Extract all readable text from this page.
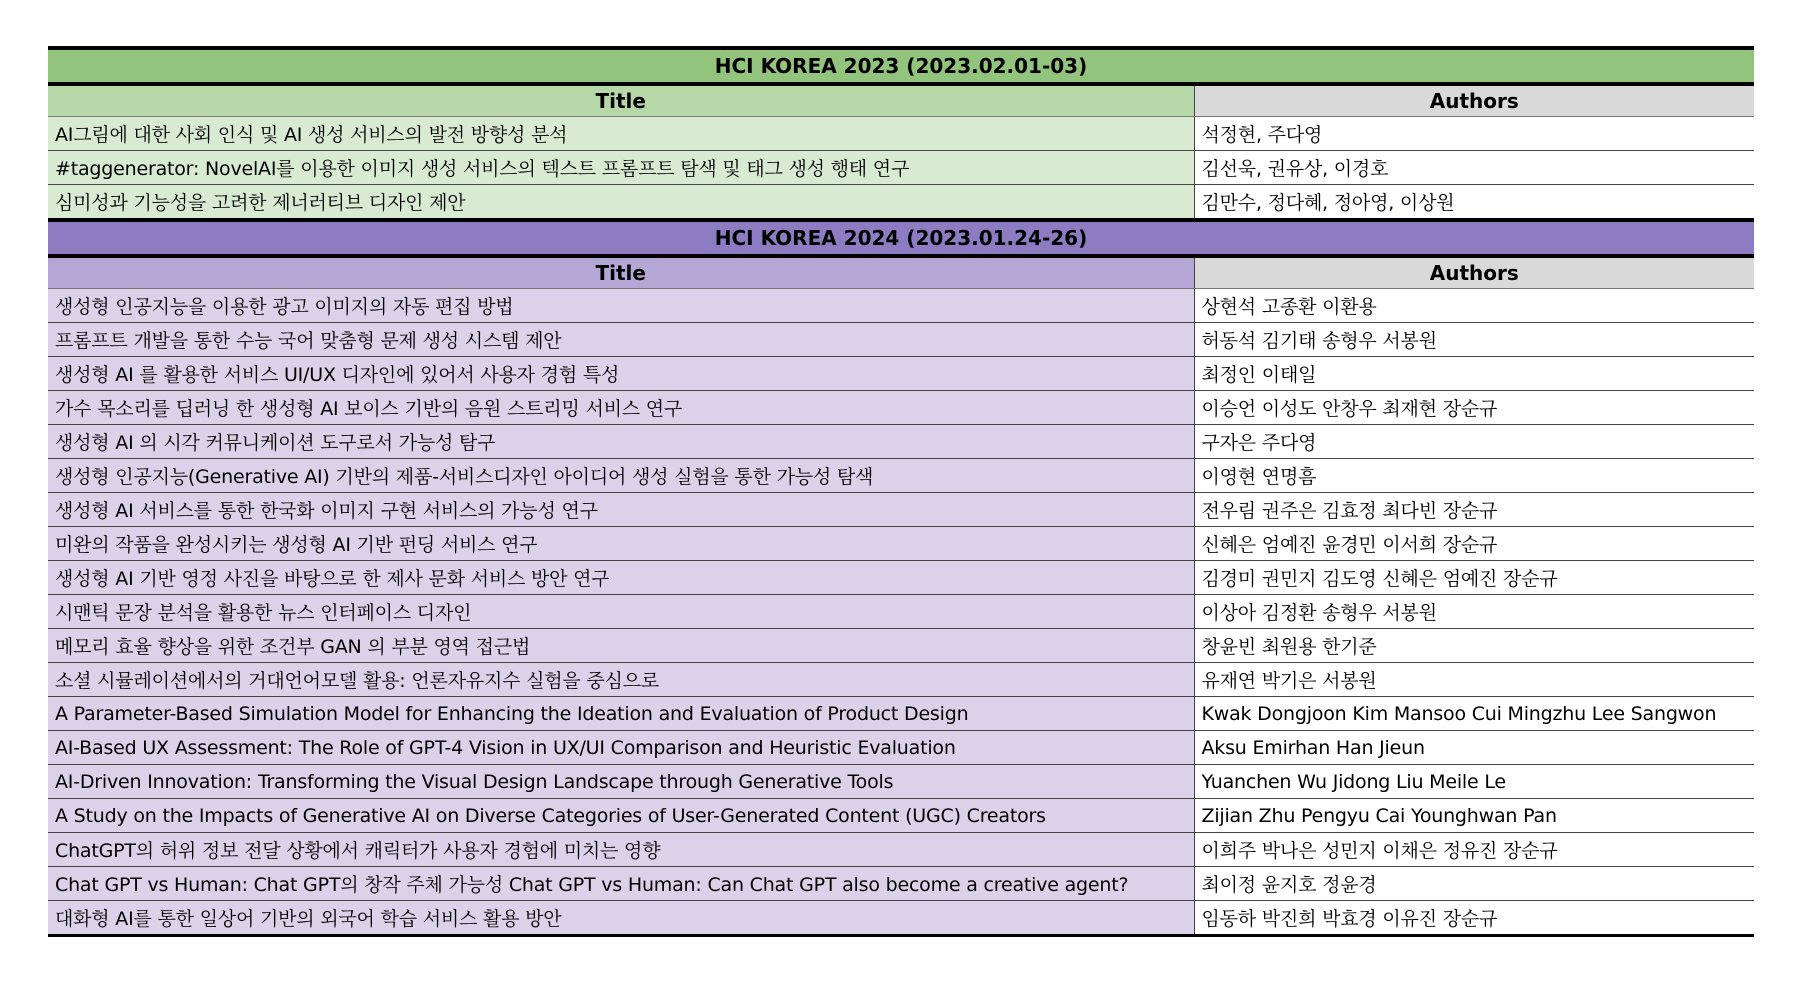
HCI KOREA 2023 (2023.02.01-03)	
Title	Authors
AI그림에 대한 사회 인식 및 AI 생성 서비스의 발전 방향성 분석	석정현, 주다영
#taggenerator: NovelAI를 이용한 이미지 생성 서비스의 텍스트 프롬프트 탐색 및 태그 생성 행태 연구	김선욱, 권유상, 이경호
심미성과 기능성을 고려한 제너러티브 디자인 제안	김만수, 정다혜, 정아영, 이상원
HCI KOREA 2024 (2023.01.24-26)	
Title	Authors
생성형 인공지능을 이용한 광고 이미지의 자동 편집 방법	상현석 고종환 이환용
프롬프트 개발을 통한 수능 국어 맞춤형 문제 생성 시스템 제안	허동석 김기태 송형우 서봉원
생성형 AI 를 활용한 서비스 UI/UX 디자인에 있어서 사용자 경험 특성	최정인 이태일
가수 목소리를 딥러닝 한 생성형 AI 보이스 기반의 음원 스트리밍 서비스 연구	이승언 이성도 안창우 최재현 장순규
생성형 AI 의 시각 커뮤니케이션 도구로서 가능성 탐구	구자은 주다영
생성형 인공지능(Generative AI) 기반의 제품-서비스디자인 아이디어 생성 실험을 통한 가능성 탐색	이영현 연명흠
생성형 AI 서비스를 통한 한국화 이미지 구현 서비스의 가능성 연구	전우림 권주은 김효정 최다빈 장순규
미완의 작품을 완성시키는 생성형 AI 기반 펀딩 서비스 연구	신혜은 엄예진 윤경민 이서희 장순규
생성형 AI 기반 영정 사진을 바탕으로 한 제사 문화 서비스 방안 연구	김경미 권민지 김도영 신혜은 엄예진 장순규
시맨틱 문장 분석을 활용한 뉴스 인터페이스 디자인	이상아 김정환 송형우 서봉원
메모리 효율 향상을 위한 조건부 GAN 의 부분 영역 접근법	창윤빈 최원용 한기준
소셜 시뮬레이션에서의 거대언어모델 활용: 언론자유지수 실험을 중심으로	유재연 박기은 서봉원
A Parameter-Based Simulation Model for Enhancing the Ideation and Evaluation of Product Design	Kwak Dongjoon Kim Mansoo Cui Mingzhu Lee Sangwon
AI-Based UX Assessment: The Role of GPT-4 Vision in UX/UI Comparison and Heuristic Evaluation	Aksu Emirhan Han Jieun
AI-Driven Innovation: Transforming the Visual Design Landscape through Generative Tools	Yuanchen Wu Jidong Liu Meile Le
A Study on the Impacts of Generative AI on Diverse Categories of User-Generated Content (UGC) Creators	Zijian Zhu Pengyu Cai Younghwan Pan
ChatGPT의 허위 정보 전달 상황에서 캐릭터가 사용자 경험에 미치는 영향	이희주 박나은 성민지 이채은 정유진 장순규
Chat GPT vs Human: Chat GPT의 창작 주체 가능성 Chat GPT vs Human: Can Chat GPT also become a creative agent?	최이정 윤지호 정윤경
대화형 AI를 통한 일상어 기반의 외국어 학습 서비스 활용 방안	임동하 박진희 박효경 이유진 장순규
